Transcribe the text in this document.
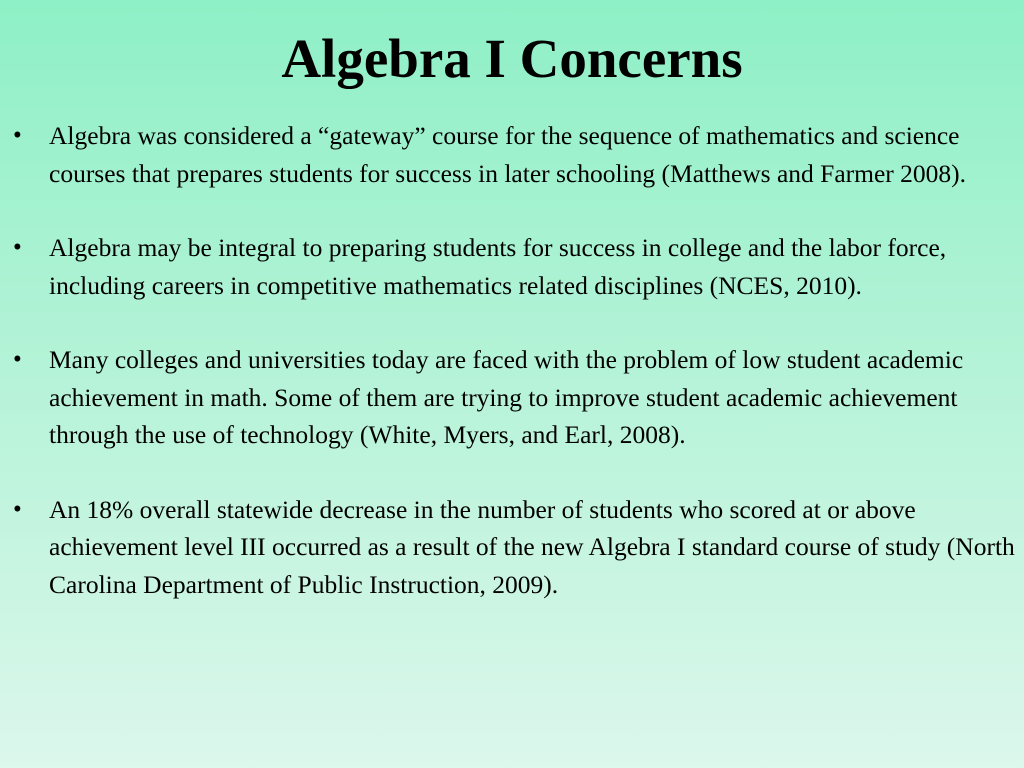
Algebra I Concerns
• Algebra was considered a “gateway” course for the sequence of mathematics and science courses that prepares students for success in later schooling (Matthews and Farmer 2008).
• Algebra may be integral to preparing students for success in college and the labor force, including careers in competitive mathematics related disciplines (NCES, 2010).
• Many colleges and universities today are faced with the problem of low student academic achievement in math. Some of them are trying to improve student academic achievement through the use of technology (White, Myers, and Earl, 2008).
• An 18% overall statewide decrease in the number of students who scored at or above achievement level III occurred as a result of the new Algebra I standard course of study (North Carolina Department of Public Instruction, 2009).
